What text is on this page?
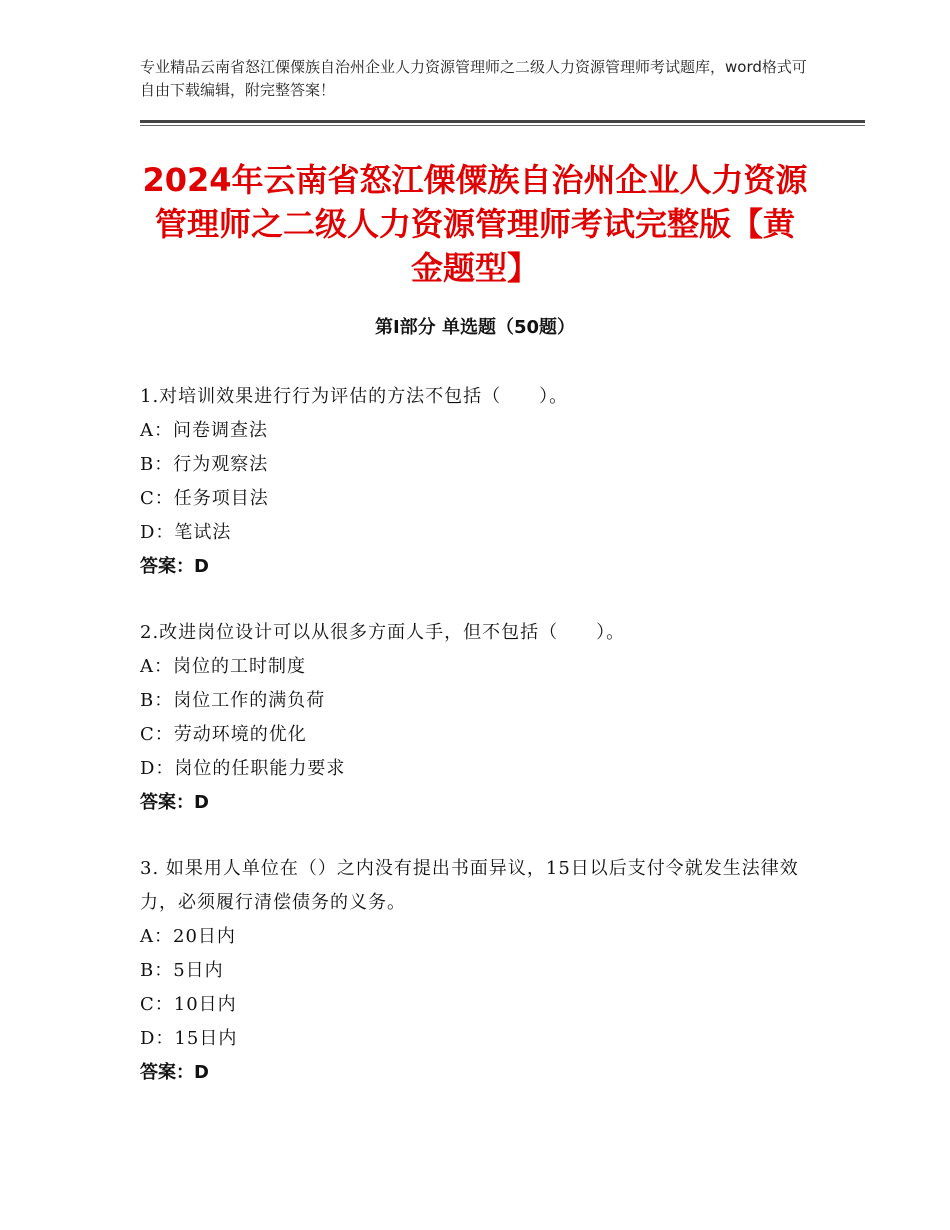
专业精品云南省怒江傈僳族自治州企业人力资源管理师之二级人力资源管理师考试题库，word格式可自由下载编辑，附完整答案！
2024年云南省怒江傈僳族自治州企业人力资源管理师之二级人力资源管理师考试完整版【黄金题型】
第Ⅰ部分 单选题（50题）
1.对培训效果进行行为评估的方法不包括（　　）。
A：问卷调查法
B：行为观察法
C：任务项目法
D：笔试法
答案：D
2.改进岗位设计可以从很多方面人手，但不包括（　　）。
A：岗位的工时制度
B：岗位工作的满负荷
C：劳动环境的优化
D：岗位的任职能力要求
答案：D
3. 如果用人单位在（）之内没有提出书面异议，15日以后支付令就发生法律效力，必须履行清偿债务的义务。
A：20日内
B：5日内
C：10日内
D：15日内
答案：D
